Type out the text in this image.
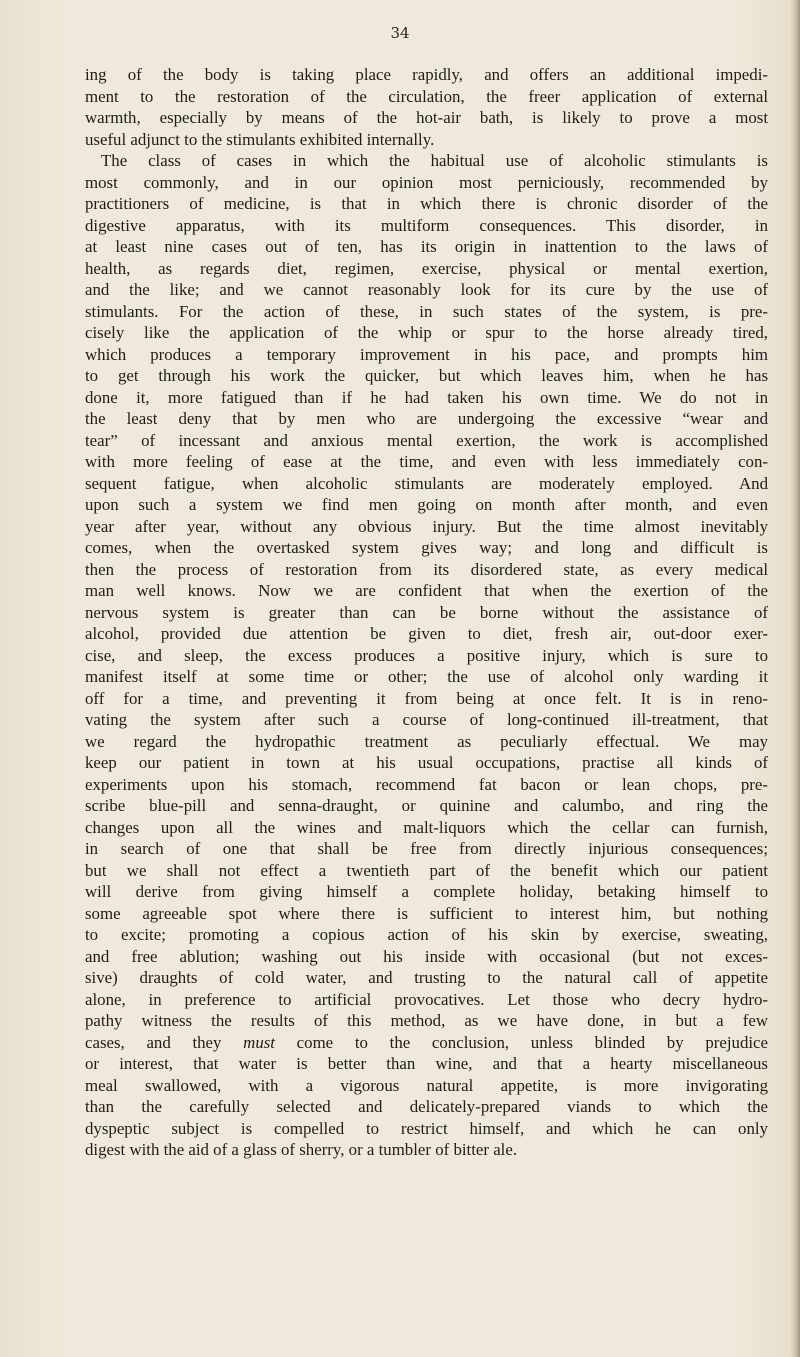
34
ing of the body is taking place rapidly, and offers an additional impedi-
ment to the restoration of the circulation, the freer application of external
warmth, especially by means of the hot-air bath, is likely to prove a most
useful adjunct to the stimulants exhibited internally.
The class of cases in which the habitual use of alcoholic stimulants is
most commonly, and in our opinion most perniciously, recommended by
practitioners of medicine, is that in which there is chronic disorder of the
digestive apparatus, with its multiform consequences. This disorder, in
at least nine cases out of ten, has its origin in inattention to the laws of
health, as regards diet, regimen, exercise, physical or mental exertion,
and the like; and we cannot reasonably look for its cure by the use of
stimulants. For the action of these, in such states of the system, is pre-
cisely like the application of the whip or spur to the horse already tired,
which produces a temporary improvement in his pace, and prompts him
to get through his work the quicker, but which leaves him, when he has
done it, more fatigued than if he had taken his own time. We do not in
the least deny that by men who are undergoing the excessive “wear and
tear” of incessant and anxious mental exertion, the work is accomplished
with more feeling of ease at the time, and even with less immediately con-
sequent fatigue, when alcoholic stimulants are moderately employed. And
upon such a system we find men going on month after month, and even
year after year, without any obvious injury. But the time almost inevitably
comes, when the overtasked system gives way; and long and difficult is
then the process of restoration from its disordered state, as every medical
man well knows. Now we are confident that when the exertion of the
nervous system is greater than can be borne without the assistance of
alcohol, provided due attention be given to diet, fresh air, out-door exer-
cise, and sleep, the excess produces a positive injury, which is sure to
manifest itself at some time or other; the use of alcohol only warding it
off for a time, and preventing it from being at once felt. It is in reno-
vating the system after such a course of long-continued ill-treatment, that
we regard the hydropathic treatment as peculiarly effectual. We may
keep our patient in town at his usual occupations, practise all kinds of
experiments upon his stomach, recommend fat bacon or lean chops, pre-
scribe blue-pill and senna-draught, or quinine and calumbo, and ring the
changes upon all the wines and malt-liquors which the cellar can furnish,
in search of one that shall be free from directly injurious consequences;
but we shall not effect a twentieth part of the benefit which our patient
will derive from giving himself a complete holiday, betaking himself to
some agreeable spot where there is sufficient to interest him, but nothing
to excite; promoting a copious action of his skin by exercise, sweating,
and free ablution; washing out his inside with occasional (but not exces-
sive) draughts of cold water, and trusting to the natural call of appetite
alone, in preference to artificial provocatives. Let those who decry hydro-
pathy witness the results of this method, as we have done, in but a few
cases, and they must come to the conclusion, unless blinded by prejudice
or interest, that water is better than wine, and that a hearty miscellaneous
meal swallowed, with a vigorous natural appetite, is more invigorating
than the carefully selected and delicately-prepared viands to which the
dyspeptic subject is compelled to restrict himself, and which he can only
digest with the aid of a glass of sherry, or a tumbler of bitter ale.
